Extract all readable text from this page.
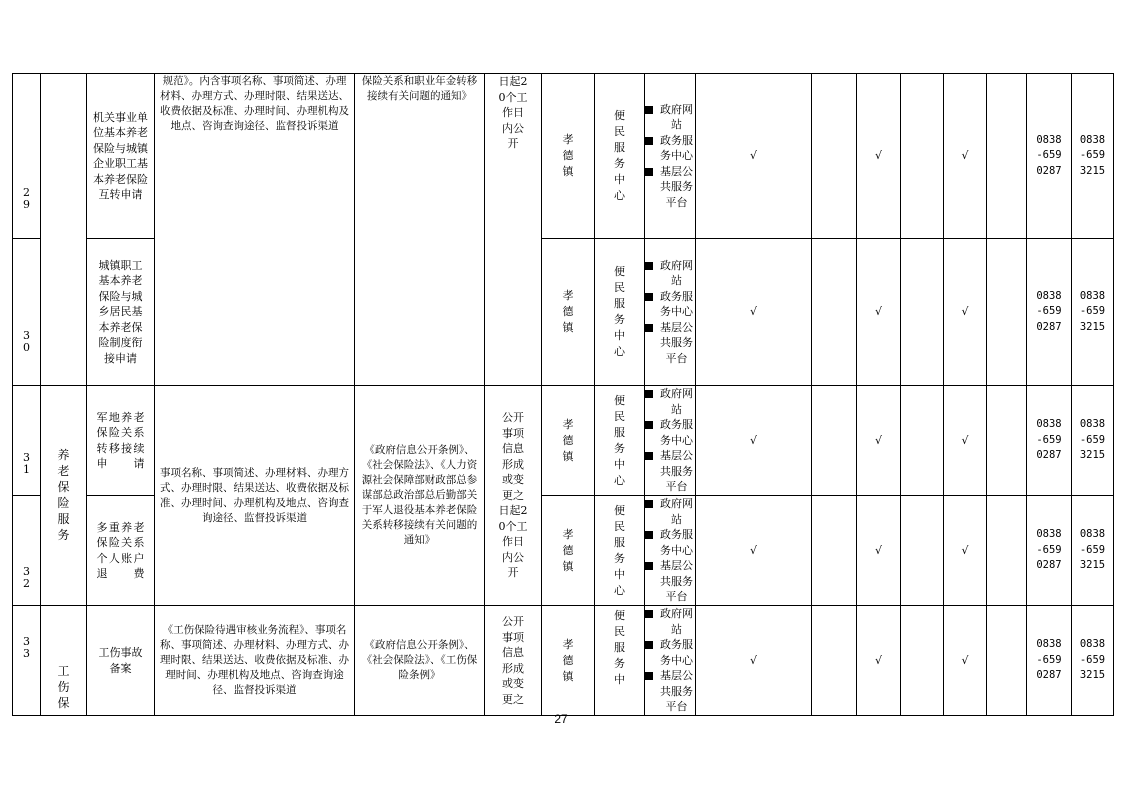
29		机关事业单位基本养老保险与城镇企业职工基本养老保险互转申请	规范》。内含事项名称、事项简述、办理材料、办理方式、办理时限、结果送达、收费依据及标准、办理时间、办理机构及地点、咨询查询途径、监督投诉渠道	保险关系和职业年金转移接续有关问题的通知》	日起20个工作日内公开	孝德镇	便民服务中心	政府网站
政务服务中心
基层公共服务平台	√		√		√		0838-6590287	0838-6593215

30		城镇职工基本养老保险与城乡居民基本养老保险制度衔接申请				孝德镇	便民服务中心	政府网站
政务服务中心
基层公共服务平台	√		√		√		0838-6590287	0838-6593215

31	养老保险服务	军地养老保险关系转移接续申请	事项名称、事项简述、办理材料、办理方式、办理时限、结果送达、收费依据及标准、办理时间、办理机构及地点、咨询查询途径、监督投诉渠道	《政府信息公开条例》、《社会保险法》、《人力资源社会保障部财政部总参谋部总政治部总后勤部关于军人退役基本养老保险关系转移接续有关问题的通知》	公开事项信息形成或变更之日起20个工作日内公开	孝德镇	便民服务中心	政府网站
政务服务中心
基层公共服务平台	√		√		√		0838-6590287	0838-6593215

32		多重养老保险关系个人账户退费				孝德镇	便民服务中心	政府网站
政务服务中心
基层公共服务平台	√		√		√		0838-6590287	0838-6593215

33	工伤保	工伤事故备案	《工伤保险待遇审核业务流程》、事项名称、事项简述、办理材料、办理方式、办理时限、结果送达、收费依据及标准、办理时间、办理机构及地点、咨询查询途径、监督投诉渠道	《政府信息公开条例》、《社会保险法》、《工伤保险条例》	公开事项信息形成或变更之	孝德镇	便民服务中	政府网站
政务服务中心
基层公共服务平台	√		√		√		0838-6590287	0838-6593215
27
